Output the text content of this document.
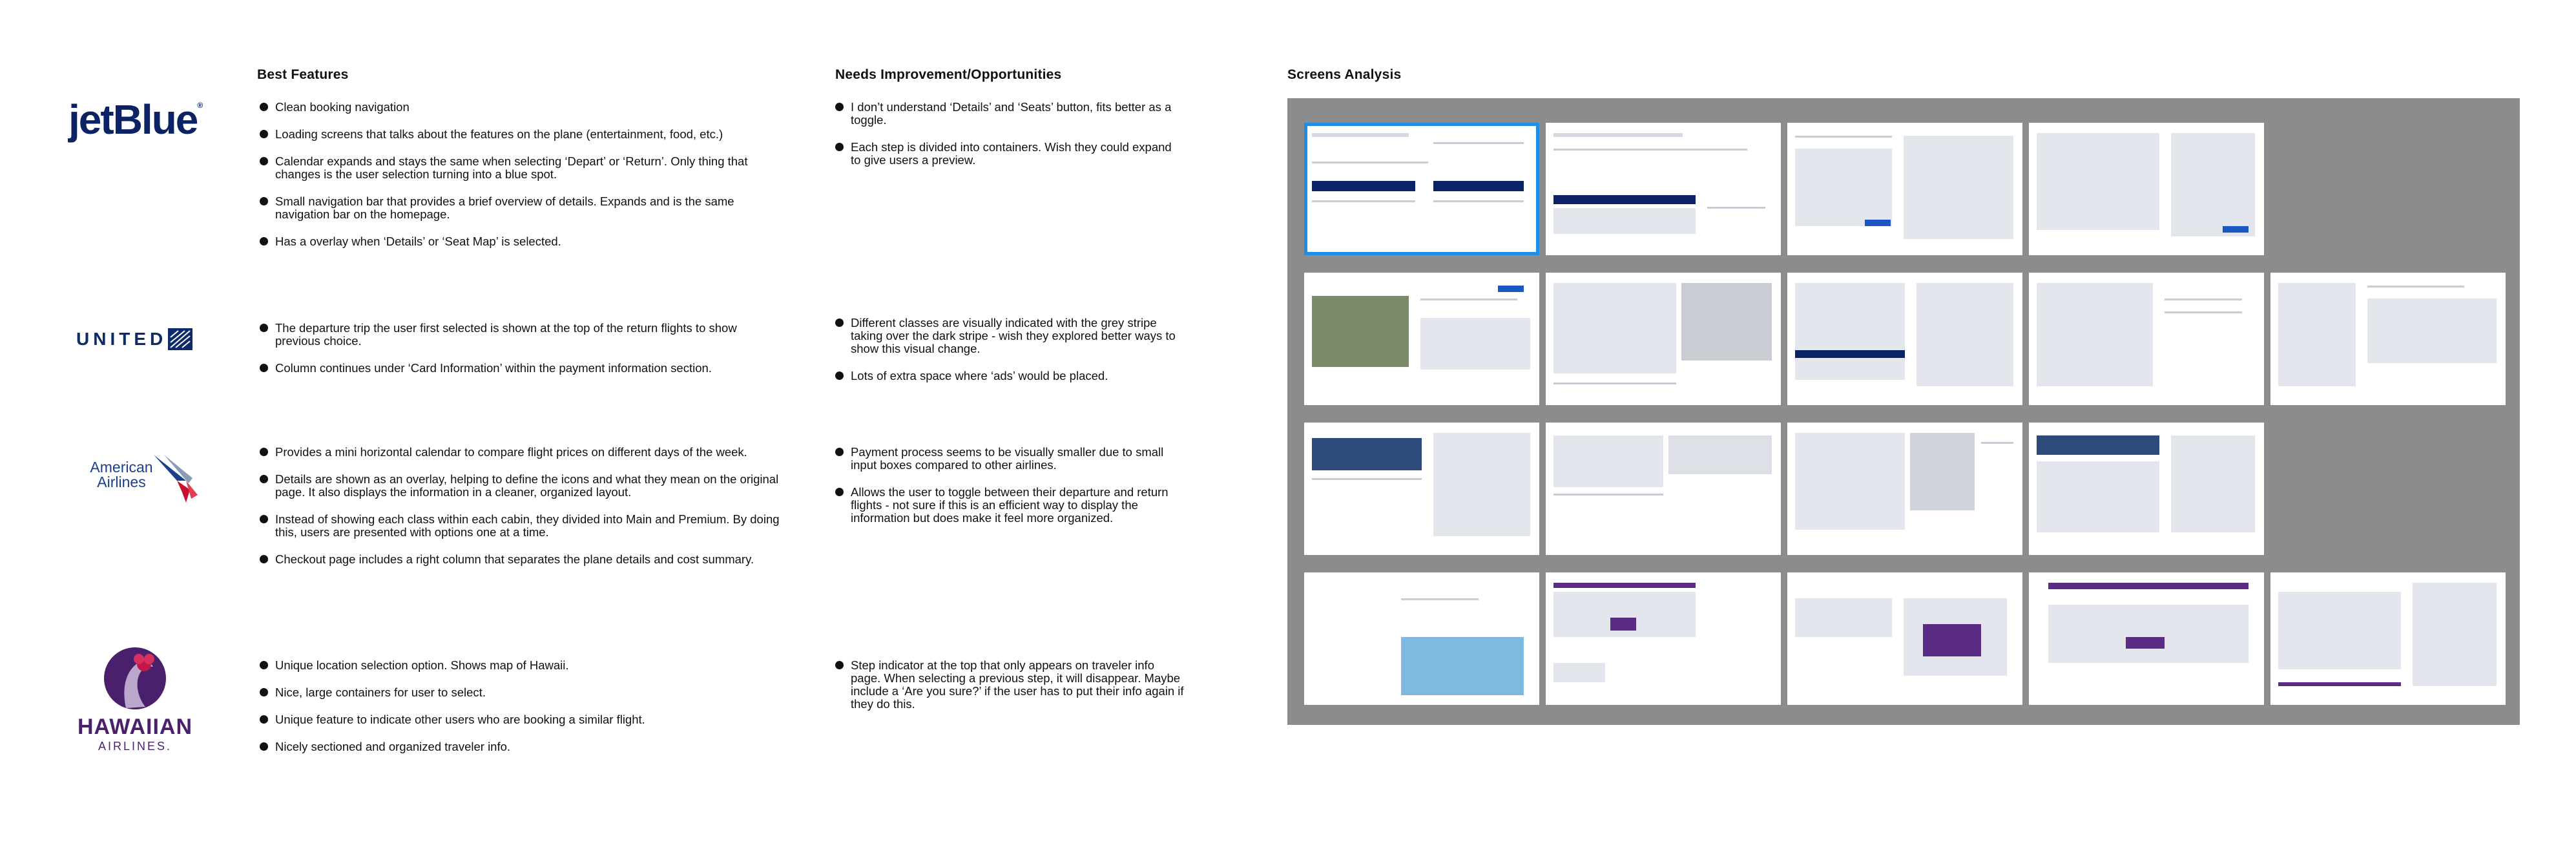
Best Features	Needs Improvement/Opportunities	Screens Analysis
jetBlue®
UNITED
American
Airlines
HAWAIIAN
AIRLINES.
Clean booking navigation
Loading screens that talks about the features on the plane (entertainment, food, etc.)
Calendar expands and stays the same when selecting ‘Depart’ or ‘Return’. Only thing that changes is the user selection turning into a blue spot.
Small navigation bar that provides a brief overview of details. Expands and is the same navigation bar on the homepage.
Has a overlay when ‘Details’ or ‘Seat Map’ is selected.
The departure trip the user first selected is shown at the top of the return flights to show previous choice.
Column continues under ‘Card Information’ within the payment information section.
Provides a mini horizontal calendar to compare flight prices on different days of the week.
Details are shown as an overlay, helping to define the icons and what they mean on the original page. It also displays the information in a cleaner, organized layout.
Instead of showing each class within each cabin, they divided into Main and Premium. By doing this, users are presented with options one at a time.
Checkout page includes a right column that separates the plane details and cost summary.
Unique location selection option. Shows map of Hawaii.
Nice, large containers for user to select.
Unique feature to indicate other users who are booking a similar flight.
Nicely sectioned and organized traveler info.
I don’t understand ‘Details’ and ‘Seats’ button, fits better as a toggle.
Each step is divided into containers. Wish they could expand to give users a preview.
Different classes are visually indicated with the grey stripe taking over the dark stripe - wish they explored better ways to show this visual change.
Lots of extra space where ‘ads’ would be placed.
Payment process seems to be visually smaller due to small input boxes compared to other airlines.
Allows the user to toggle between their departure and return flights - not sure if this is an efficient way to display the information but does make it feel more organized.
Step indicator at the top that only appears on traveler info page. When selecting a previous step, it will disappear. Maybe include a ‘Are you sure?’ if the user has to put their info again if they do this.
